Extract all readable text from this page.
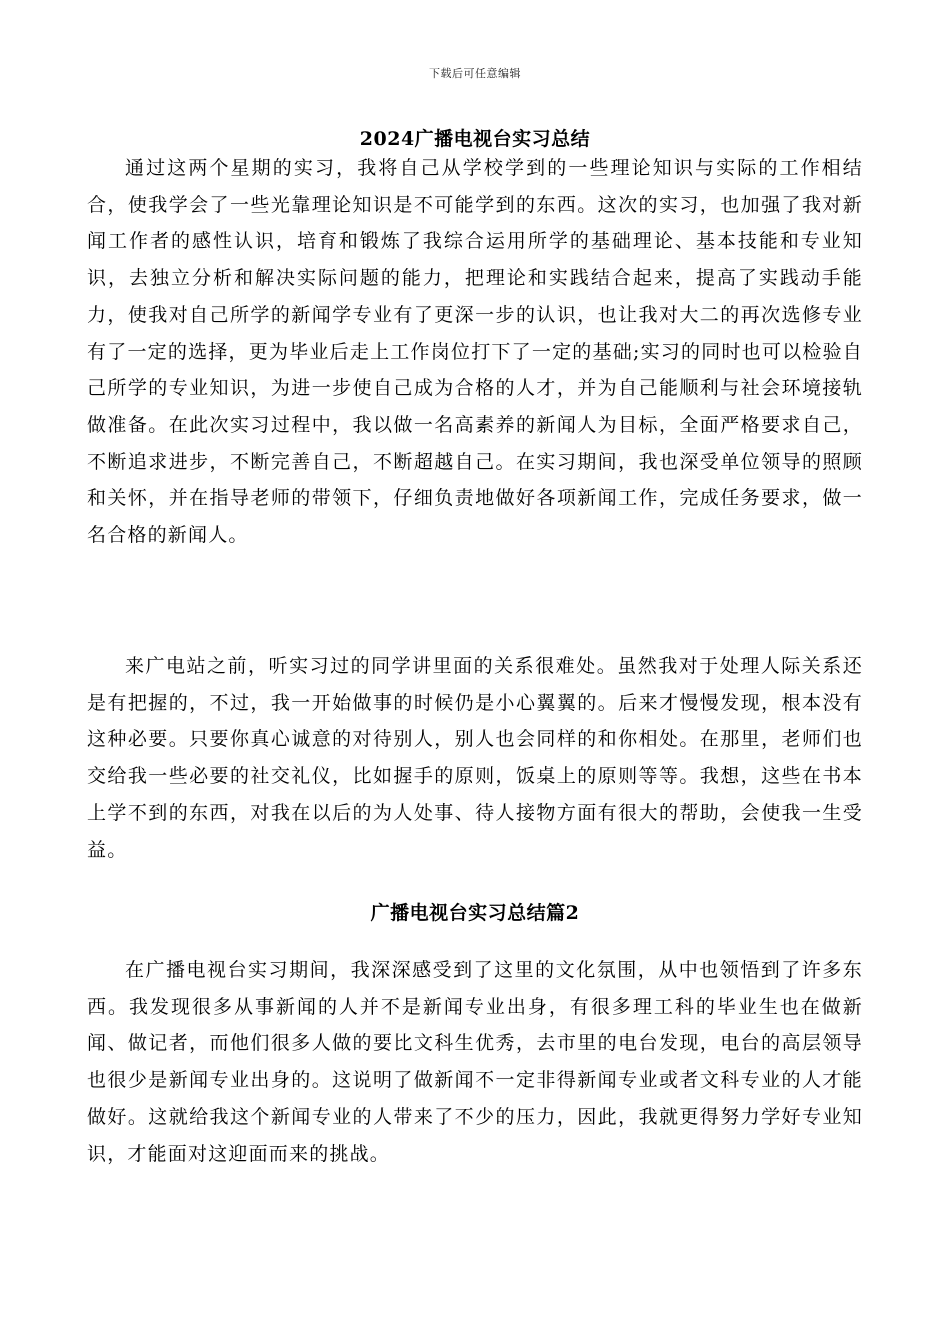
下载后可任意编辑
2024广播电视台实习总结

通过这两个星期的实习，我将自己从学校学到的一些理论知识与实际的工作相结合，使我学会了一些光靠理论知识是不可能学到的东西。这次的实习，也加强了我对新闻工作者的感性认识，培育和锻炼了我综合运用所学的基础理论、基本技能和专业知识，去独立分析和解决实际问题的能力，把理论和实践结合起来，提高了实践动手能力，使我对自己所学的新闻学专业有了更深一步的认识，也让我对大二的再次选修专业有了一定的选择，更为毕业后走上工作岗位打下了一定的基础;实习的同时也可以检验自己所学的专业知识，为进一步使自己成为合格的人才，并为自己能顺利与社会环境接轨做准备。在此次实习过程中，我以做一名高素养的新闻人为目标，全面严格要求自己，不断追求进步，不断完善自己，不断超越自己。在实习期间，我也深受单位领导的照顾和关怀，并在指导老师的带领下，仔细负责地做好各项新闻工作，完成任务要求，做一名合格的新闻人。

来广电站之前，听实习过的同学讲里面的关系很难处。虽然我对于处理人际关系还是有把握的，不过，我一开始做事的时候仍是小心翼翼的。后来才慢慢发现，根本没有这种必要。只要你真心诚意的对待别人，别人也会同样的和你相处。在那里，老师们也交给我一些必要的社交礼仪，比如握手的原则，饭桌上的原则等等。我想，这些在书本上学不到的东西，对我在以后的为人处事、待人接物方面有很大的帮助，会使我一生受益。

广播电视台实习总结篇2

在广播电视台实习期间，我深深感受到了这里的文化氛围，从中也领悟到了许多东西。我发现很多从事新闻的人并不是新闻专业出身，有很多理工科的毕业生也在做新闻、做记者，而他们很多人做的要比文科生优秀，去市里的电台发现，电台的高层领导也很少是新闻专业出身的。这说明了做新闻不一定非得新闻专业或者文科专业的人才能做好。这就给我这个新闻专业的人带来了不少的压力，因此，我就更得努力学好专业知识，才能面对这迎面而来的挑战。
